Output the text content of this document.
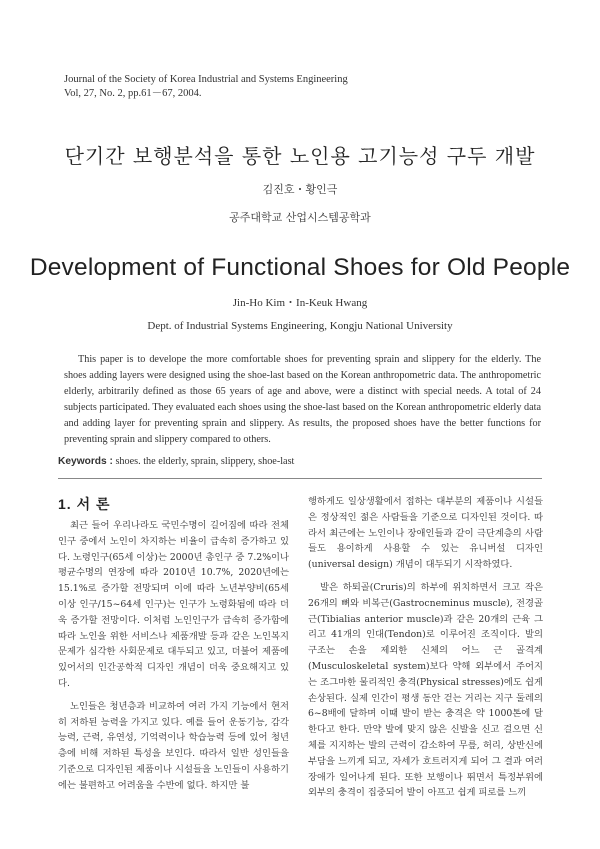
Journal of the Society of Korea Industrial and Systems Engineering
Vol, 27, No. 2, pp.61－67, 2004.
단기간 보행분석을 통한 노인용 고기능성 구두 개발
김진호・황인극
공주대학교 산업시스템공학과
Development of Functional Shoes for Old People
Jin-Ho Kim・In-Keuk Hwang
Dept. of Industrial Systems Engineering, Kongju National University

This paper is to develope the more comfortable shoes for preventing sprain and slippery for the elderly. The shoes adding layers were designed using the shoe-last based on the Korean anthropometric data. The anthropometric elderly, arbitrarily defined as those 65 years of age and above, were a distinct with special needs. A total of 24 subjects participated. They evaluated each shoes using the shoe-last based on the Korean anthropometric elderly data and adding layer for preventing sprain and slippery. As results, the proposed shoes have the better functions for preventing sprain and slippery compared to others.

Keywords : shoes. the elderly, sprain, slippery, shoe-last
1. 서 론

최근 들어 우리나라도 국민수명이 길어짐에 따라 전체인구 중에서 노인이 차지하는 비율이 급속히 증가하고 있다. 노령인구(65세 이상)는 2000년 총인구 중 7.2%이나 평균수명의 연장에 따라 2010년 10.7%, 2020년에는 15.1%로 증가할 전망되며 이에 따라 노년부양비(65세 이상 인구/15~64세 인구)는 인구가 노령화됨에 따라 더욱 증가할 전망이다. 이처럼 노인인구가 급속히 증가함에 따라 노인을 위한 서비스나 제품개발 등과 같은 노인복지 문제가 심각한 사회문제로 대두되고 있고, 더불어 제품에 있어서의 인간공학적 디자인 개념이 더욱 중요해지고 있다.

노인들은 청년층과 비교하여 여러 가지 기능에서 현저히 저하된 능력을 가지고 있다. 예를 들어 운동기능, 감각능력, 근력, 유연성, 기억력이나 학습능력 등에 있어 청년층에 비해 저하된 특성을 보인다. 따라서 일반 성인들을 기준으로 디자인된 제품이나 시설들을 노인들이 사용하기에는 불편하고 어려움을 수반에 없다. 하지만 불

행하게도 일상생활에서 접하는 대부분의 제품이나 시설들은 정상적인 젊은 사람들을 기준으로 디자인된 것이다. 따라서 최근에는 노인이나 장애인들과 같이 극단계층의 사람들도 용이하게 사용할 수 있는 유니버설 디자인(universal design) 개념이 대두되기 시작하였다.

발은 하퇴골(Cruris)의 하부에 위치하면서 크고 작은 26개의 뼈와 비복근(Gastrocneminus muscle), 전경골근(Tibialias anterior muscle)과 같은 20개의 근육 그리고 41개의 인대(Tendon)로 이루어진 조직이다. 발의 구조는 손을 제외한 신체의 어느 근 골격계(Musculoskeletal system)보다 약해 외부에서 주어지는 조그마한 물리적인 충격(Physical stresses)에도 쉽게 손상된다. 실제 인간이 평생 동안 걷는 거리는 지구 둘레의 6~8배에 달하며 이때 발이 받는 충격은 약 1000톤에 달한다고 한다. 만약 발에 맞지 않은 신발을 신고 걸으면 신체를 지지하는 발의 근력이 감소하여 무릎, 허리, 상반신에 부담을 느끼게 되고, 자세가 흐트러지게 되어 그 결과 여러 장애가 일어나게 된다. 또한 보행이나 뛰면서 특정부위에 외부의 충격이 집중되어 발이 아프고 쉽게 피로를 느끼
